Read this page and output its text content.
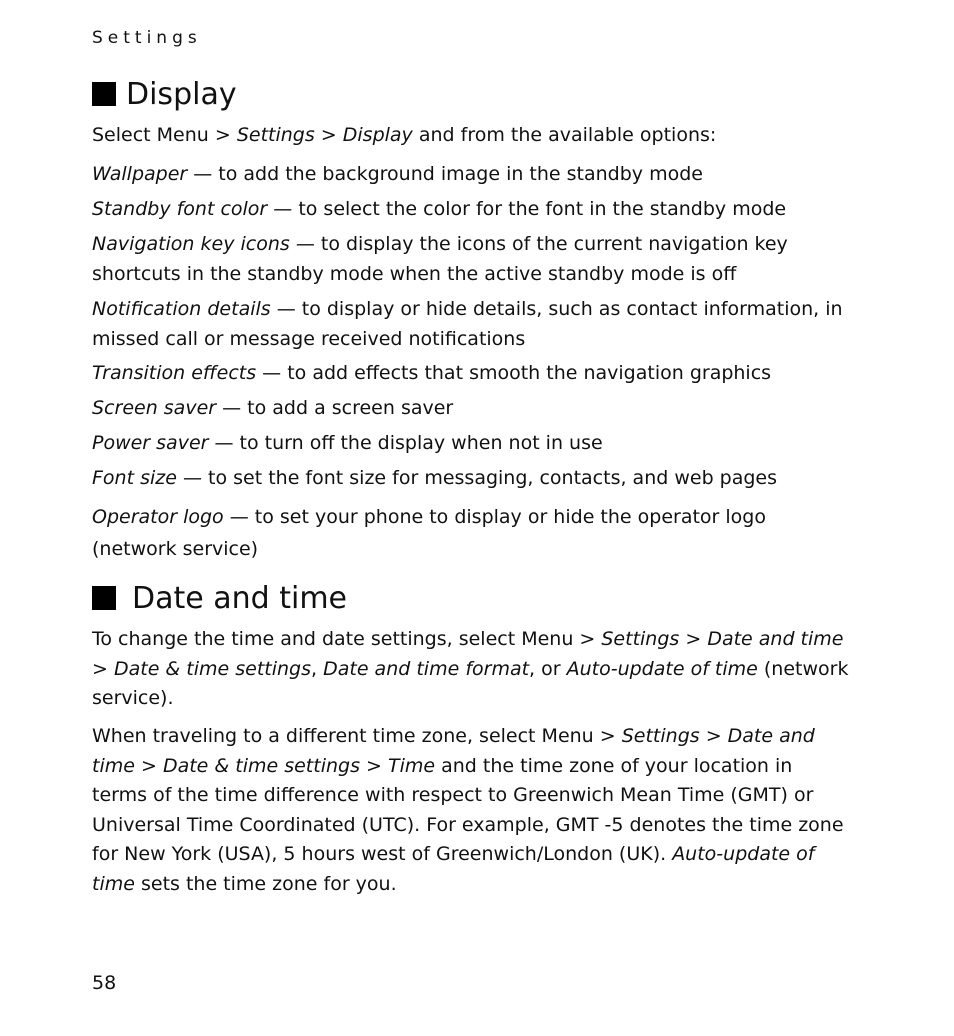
Settings
Display

Select Menu > Settings > Display and from the available options:

Wallpaper — to add the background image in the standby mode

Standby font color — to select the color for the font in the standby mode

Navigation key icons — to display the icons of the current navigation key shortcuts in the standby mode when the active standby mode is off

Notification details — to display or hide details, such as contact information, in missed call or message received notifications

Transition effects — to add effects that smooth the navigation graphics

Screen saver — to add a screen saver

Power saver — to turn off the display when not in use

Font size — to set the font size for messaging, contacts, and web pages

Operator logo — to set your phone to display or hide the operator logo (network service)

Date and time

To change the time and date settings, select Menu > Settings > Date and time > Date & time settings, Date and time format, or Auto-update of time (network service).

When traveling to a different time zone, select Menu > Settings > Date and time > Date & time settings > Time and the time zone of your location in terms of the time difference with respect to Greenwich Mean Time (GMT) or Universal Time Coordinated (UTC). For example, GMT -5 denotes the time zone for New York (USA), 5 hours west of Greenwich/London (UK). Auto-update of time sets the time zone for you.

58
